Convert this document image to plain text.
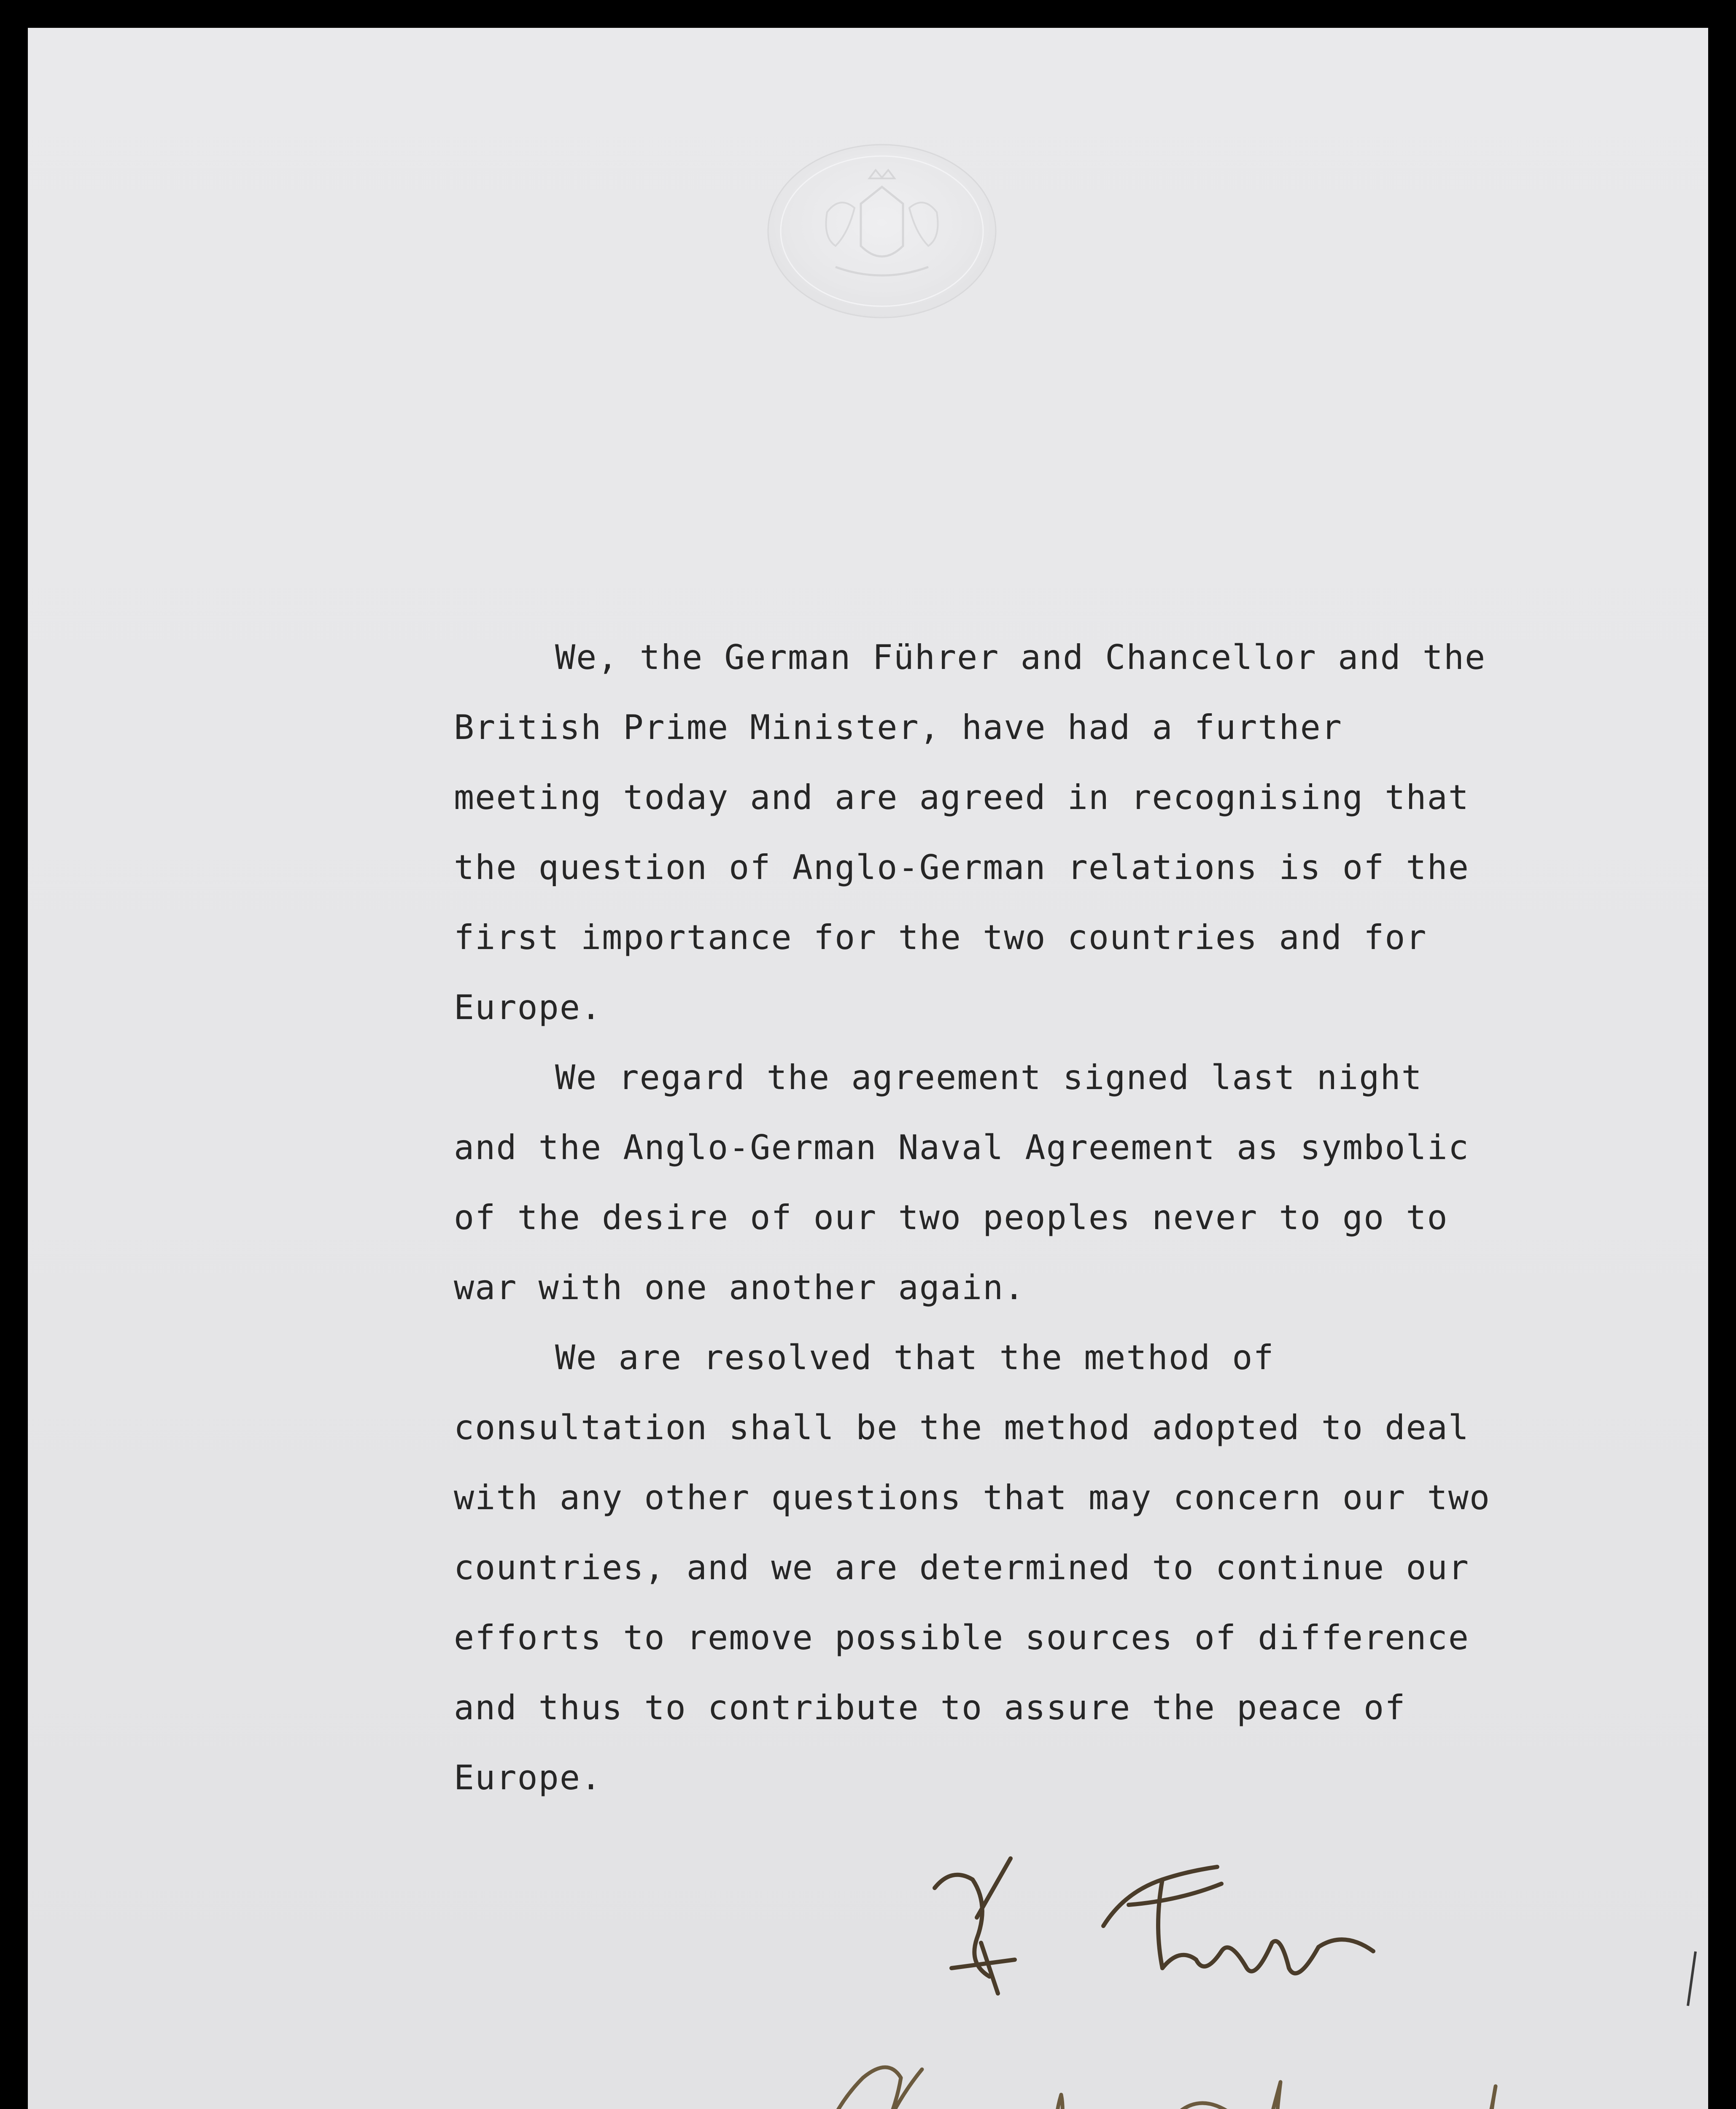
We, the German Führer and Chancellor and the
British Prime Minister, have had a further
meeting today and are agreed in recognising that
the question of Anglo-German relations is of the
first importance for the two countries and for
Europe.

We regard the agreement signed last night
and the Anglo-German Naval Agreement as symbolic
of the desire of our two peoples never to go to
war with one another again.

We are resolved that the method of
consultation shall be the method adopted to deal
with any other questions that may concern our two
countries, and we are determined to continue our
efforts to remove possible sources of difference
and thus to contribute to assure the peace of
Europe.
